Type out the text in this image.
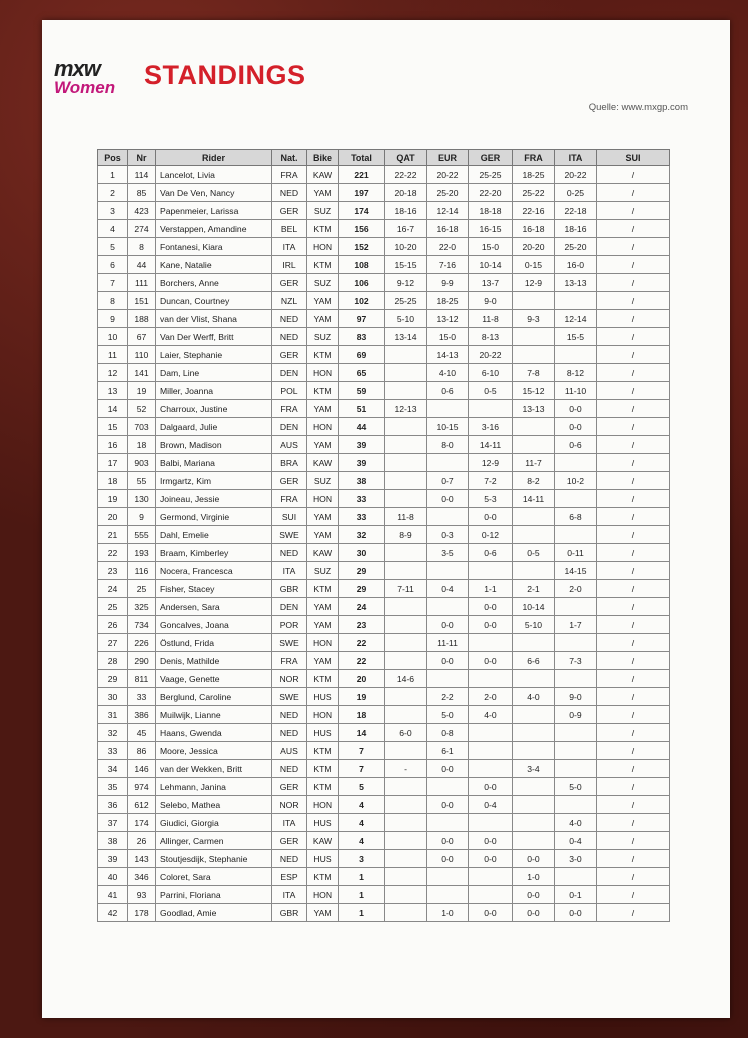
mxw
Women STANDINGS
Quelle: www.mxgp.com
Pos	Nr	Rider	Nat.	Bike	Total	QAT	EUR	GER	FRA	ITA	SUI
1	114	Lancelot, Livia	FRA	KAW	221	22-22	20-22	25-25	18-25	20-22	/
2	85	Van De Ven, Nancy	NED	YAM	197	20-18	25-20	22-20	25-22	0-25	/
3	423	Papenmeier, Larissa	GER	SUZ	174	18-16	12-14	18-18	22-16	22-18	/
4	274	Verstappen, Amandine	BEL	KTM	156	16-7	16-18	16-15	16-18	18-16	/
5	8	Fontanesi, Kiara	ITA	HON	152	10-20	22-0	15-0	20-20	25-20	/
6	44	Kane, Natalie	IRL	KTM	108	15-15	7-16	10-14	0-15	16-0	/
7	111	Borchers, Anne	GER	SUZ	106	9-12	9-9	13-7	12-9	13-13	/
8	151	Duncan, Courtney	NZL	YAM	102	25-25	18-25	9-0			/
9	188	van der Vlist, Shana	NED	YAM	97	5-10	13-12	11-8	9-3	12-14	/
10	67	Van Der Werff, Britt	NED	SUZ	83	13-14	15-0	8-13		15-5	/
11	110	Laier, Stephanie	GER	KTM	69		14-13	20-22			/
12	141	Dam, Line	DEN	HON	65		4-10	6-10	7-8	8-12	/
13	19	Miller, Joanna	POL	KTM	59		0-6	0-5	15-12	11-10	/
14	52	Charroux, Justine	FRA	YAM	51	12-13			13-13	0-0	/
15	703	Dalgaard, Julie	DEN	HON	44		10-15	3-16		0-0	/
16	18	Brown, Madison	AUS	YAM	39		8-0	14-11		0-6	/
17	903	Balbi, Mariana	BRA	KAW	39			12-9	11-7		/
18	55	Irmgartz, Kim	GER	SUZ	38		0-7	7-2	8-2	10-2	/
19	130	Joineau, Jessie	FRA	HON	33		0-0	5-3	14-11		/
20	9	Germond, Virginie	SUI	YAM	33	11-8		0-0		6-8	/
21	555	Dahl, Emelie	SWE	YAM	32	8-9	0-3	0-12			/
22	193	Braam, Kimberley	NED	KAW	30		3-5	0-6	0-5	0-11	/
23	116	Nocera, Francesca	ITA	SUZ	29					14-15	/
24	25	Fisher, Stacey	GBR	KTM	29	7-11	0-4	1-1	2-1	2-0	/
25	325	Andersen, Sara	DEN	YAM	24			0-0	10-14		/
26	734	Goncalves, Joana	POR	YAM	23		0-0	0-0	5-10	1-7	/
27	226	Östlund, Frida	SWE	HON	22		11-11				/
28	290	Denis, Mathilde	FRA	YAM	22		0-0	0-0	6-6	7-3	/
29	811	Vaage, Genette	NOR	KTM	20	14-6					/
30	33	Berglund, Caroline	SWE	HUS	19		2-2	2-0	4-0	9-0	/
31	386	Muilwijk, Lianne	NED	HON	18		5-0	4-0		0-9	/
32	45	Haans, Gwenda	NED	HUS	14	6-0	0-8				/
33	86	Moore, Jessica	AUS	KTM	7		6-1				/
34	146	van der Wekken, Britt	NED	KTM	7	-	0-0		3-4		/
35	974	Lehmann, Janina	GER	KTM	5			0-0		5-0	/
36	612	Selebo, Mathea	NOR	HON	4		0-0	0-4			/
37	174	Giudici, Giorgia	ITA	HUS	4					4-0	/
38	26	Allinger, Carmen	GER	KAW	4		0-0	0-0		0-4	/
39	143	Stoutjesdijk, Stephanie	NED	HUS	3		0-0	0-0	0-0	3-0	/
40	346	Coloret, Sara	ESP	KTM	1				1-0		/
41	93	Parrini, Floriana	ITA	HON	1				0-0	0-1	/
42	178	Goodlad, Amie	GBR	YAM	1		1-0	0-0	0-0	0-0	/
